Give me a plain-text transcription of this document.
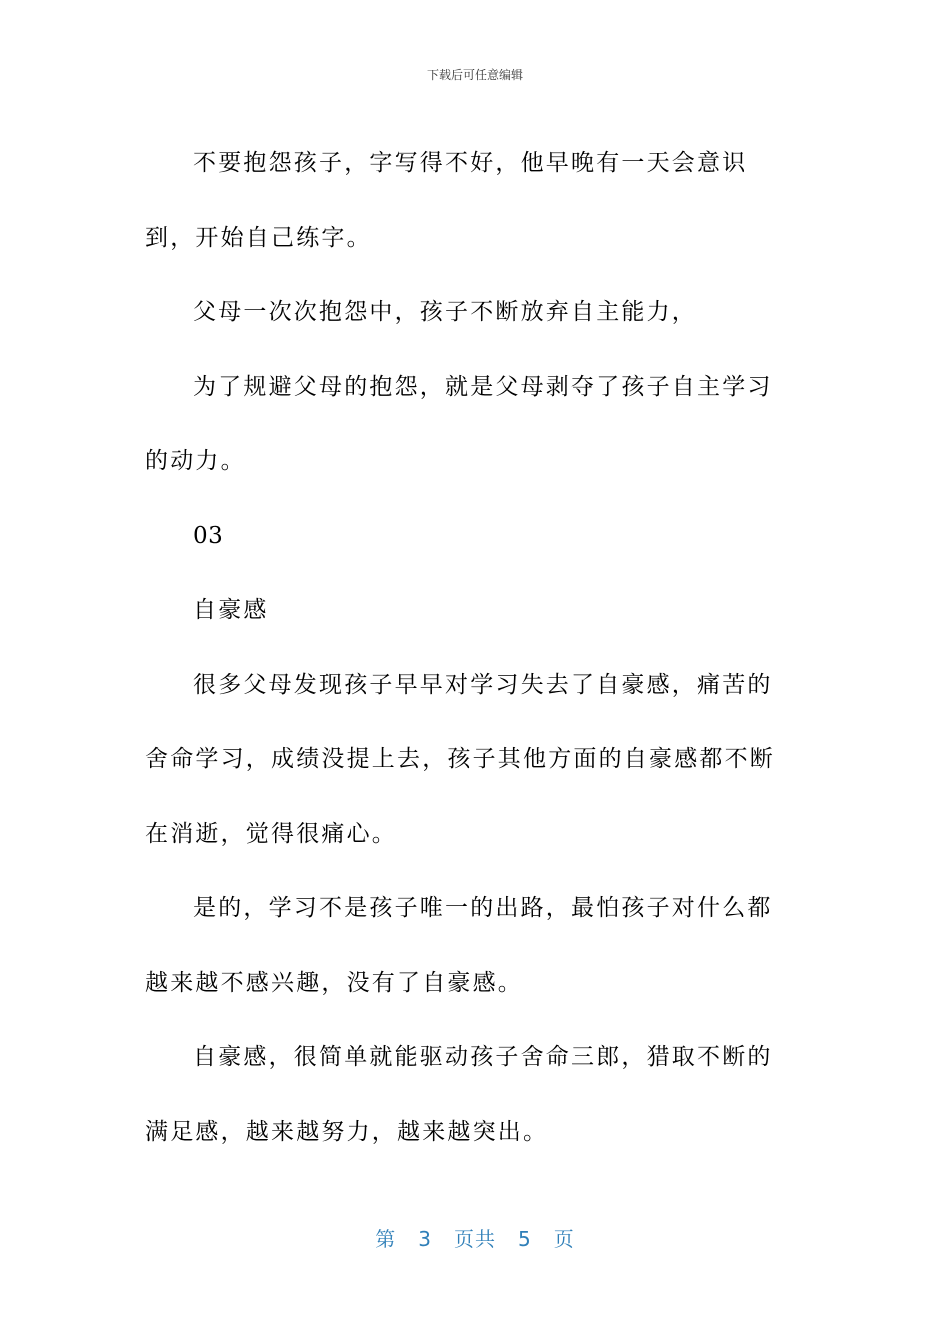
下载后可任意编辑

不要抱怨孩子，字写得不好，他早晚有一天会意识到，开始自己练字。

父母一次次抱怨中，孩子不断放弃自主能力，

为了规避父母的抱怨，就是父母剥夺了孩子自主学习的动力。

03

自豪感

很多父母发现孩子早早对学习失去了自豪感，痛苦的舍命学习，成绩没提上去，孩子其他方面的自豪感都不断在消逝，觉得很痛心。

是的，学习不是孩子唯一的出路，最怕孩子对什么都越来越不感兴趣，没有了自豪感。

自豪感，很简单就能驱动孩子舍命三郎，猎取不断的满足感，越来越努力，越来越突出。

第 3 页共 5 页
